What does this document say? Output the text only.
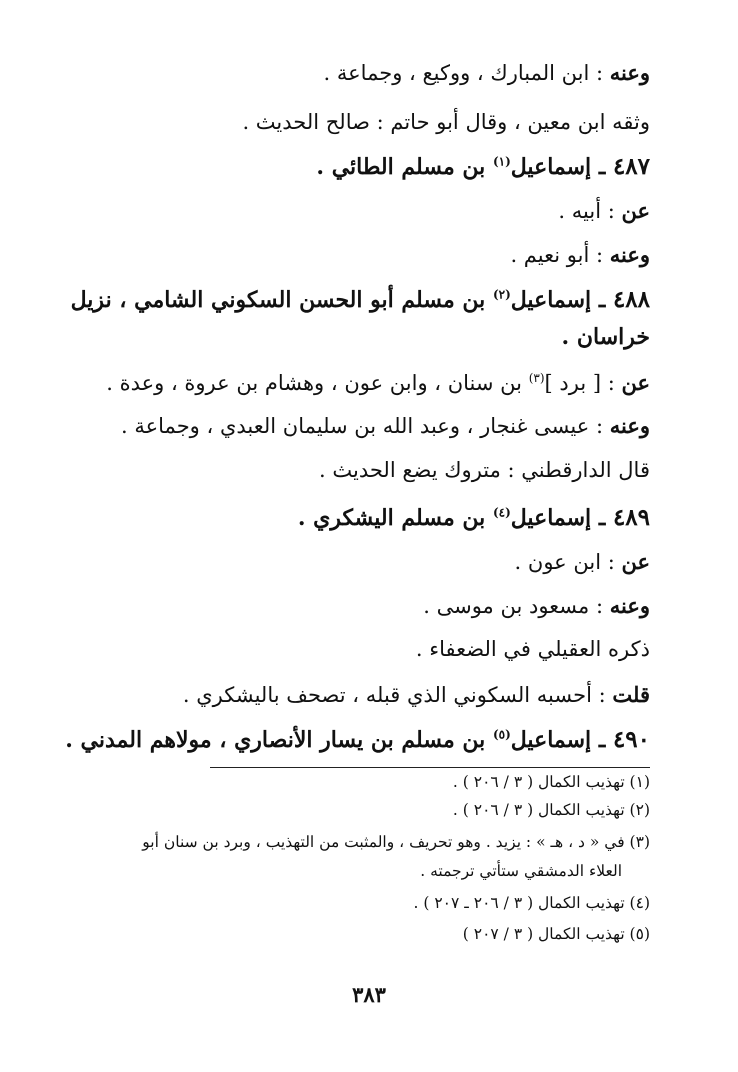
وعنه : ابن المبارك ، ووكيع ، وجماعة .
وثقه ابن معين ، وقال أبو حاتم : صالح الحديث .
٤٨٧ ـ إسماعيل$^{(١)}$ بن مسلم الطائي .
عن : أبيه .
وعنه : أبو نعيم .
٤٨٨ ـ إسماعيل$^{(٢)}$ بن مسلم أبو الحسن السكوني الشامي ، نزيل
خراسان .
عن : [ برد ]$^{(٣)}$ بن سنان ، وابن عون ، وهشام بن عروة ، وعدة .
وعنه : عيسى غنجار ، وعبد الله بن سليمان العبدي ، وجماعة .
قال الدارقطني : متروك يضع الحديث .
٤٨٩ ـ إسماعيل$^{(٤)}$ بن مسلم اليشكري .
عن : ابن عون .
وعنه : مسعود بن موسى .
ذكره العقيلي في الضعفاء .
قلت : أحسبه السكوني الذي قبله ، تصحف باليشكري .
٤٩٠ ـ إسماعيل$^{(٥)}$ بن مسلم بن يسار الأنصاري ، مولاهم المدني .
(١) تهذيب الكمال ( ٣ / ٢٠٦ ) .
(٢) تهذيب الكمال ( ٣ / ٢٠٦ ) .
(٣) في « د ، هـ » : يزيد . وهو تحريف ، والمثبت من التهذيب ، وبرد بن سنان أبو
العلاء الدمشقي ستأتي ترجمته .
(٤) تهذيب الكمال ( ٣ / ٢٠٦ ـ ٢٠٧ ) .
(٥) تهذيب الكمال ( ٣ / ٢٠٧ )
٣٨٣
